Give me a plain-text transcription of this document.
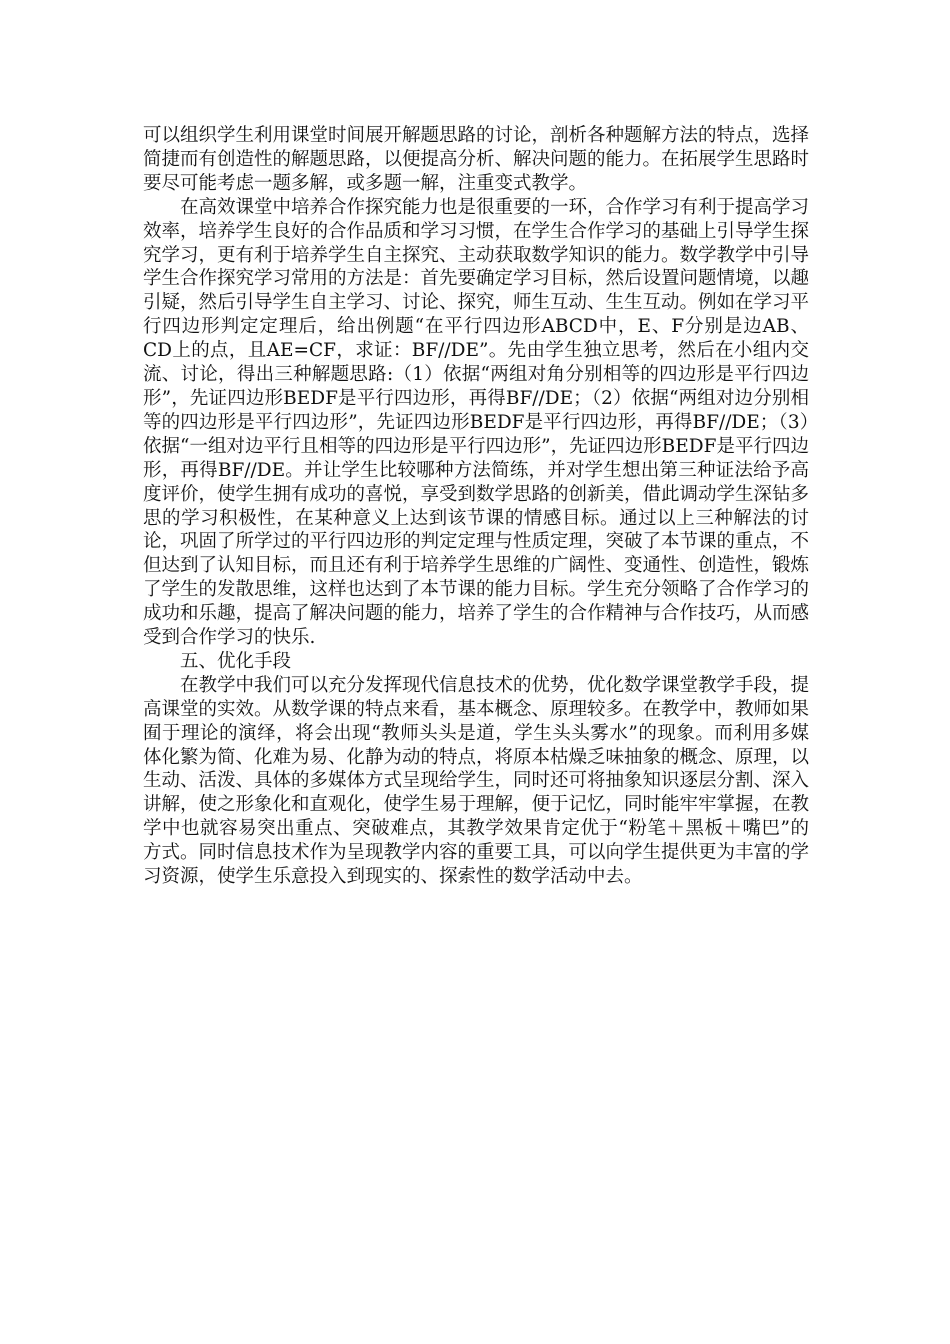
可以组织学生利用课堂时间展开解题思路的讨论，剖析各种题解方法的特点，选择简捷而有创造性的解题思路，以便提高分析、解决问题的能力。在拓展学生思路时要尽可能考虑一题多解，或多题一解，注重变式教学。

在高效课堂中培养合作探究能力也是很重要的一环，合作学习有利于提高学习效率，培养学生良好的合作品质和学习习惯，在学生合作学习的基础上引导学生探究学习，更有利于培养学生自主探究、主动获取数学知识的能力。数学教学中引导学生合作探究学习常用的方法是：首先要确定学习目标，然后设置问题情境，以趣引疑，然后引导学生自主学习、讨论、探究，师生互动、生生互动。例如在学习平行四边形判定定理后，给出例题“在平行四边形ABCD中，E、F分别是边AB、CD上的点，且AE=CF，求证：BF//DE”。先由学生独立思考，然后在小组内交流、讨论，得出三种解题思路:（1）依据“两组对角分别相等的四边形是平行四边形”，先证四边形BEDF是平行四边形，再得BF//DE；（2）依据“两组对边分别相等的四边形是平行四边形”，先证四边形BEDF是平行四边形，再得BF//DE；（3）依据“一组对边平行且相等的四边形是平行四边形”，先证四边形BEDF是平行四边形，再得BF//DE。并让学生比较哪种方法简练，并对学生想出第三种证法给予高度评价，使学生拥有成功的喜悦，享受到数学思路的创新美，借此调动学生深钻多思的学习积极性，在某种意义上达到该节课的情感目标。通过以上三种解法的讨论，巩固了所学过的平行四边形的判定定理与性质定理，突破了本节课的重点，不但达到了认知目标，而且还有利于培养学生思维的广阔性、变通性、创造性，锻炼了学生的发散思维，这样也达到了本节课的能力目标。学生充分领略了合作学习的成功和乐趣，提高了解决问题的能力，培养了学生的合作精神与合作技巧，从而感受到合作学习的快乐.

五、优化手段

在教学中我们可以充分发挥现代信息技术的优势，优化数学课堂教学手段，提高课堂的实效。从数学课的特点来看，基本概念、原理较多。在教学中，教师如果囿于理论的演绎，将会出现“教师头头是道，学生头头雾水”的现象。而利用多媒体化繁为简、化难为易、化静为动的特点，将原本枯燥乏味抽象的概念、原理，以生动、活泼、具体的多媒体方式呈现给学生，同时还可将抽象知识逐层分割、深入讲解，使之形象化和直观化，使学生易于理解，便于记忆，同时能牢牢掌握，在教学中也就容易突出重点、突破难点，其教学效果肯定优于“粉笔＋黑板＋嘴巴”的方式。同时信息技术作为呈现教学内容的重要工具，可以向学生提供更为丰富的学习资源，使学生乐意投入到现实的、探索性的数学活动中去。
